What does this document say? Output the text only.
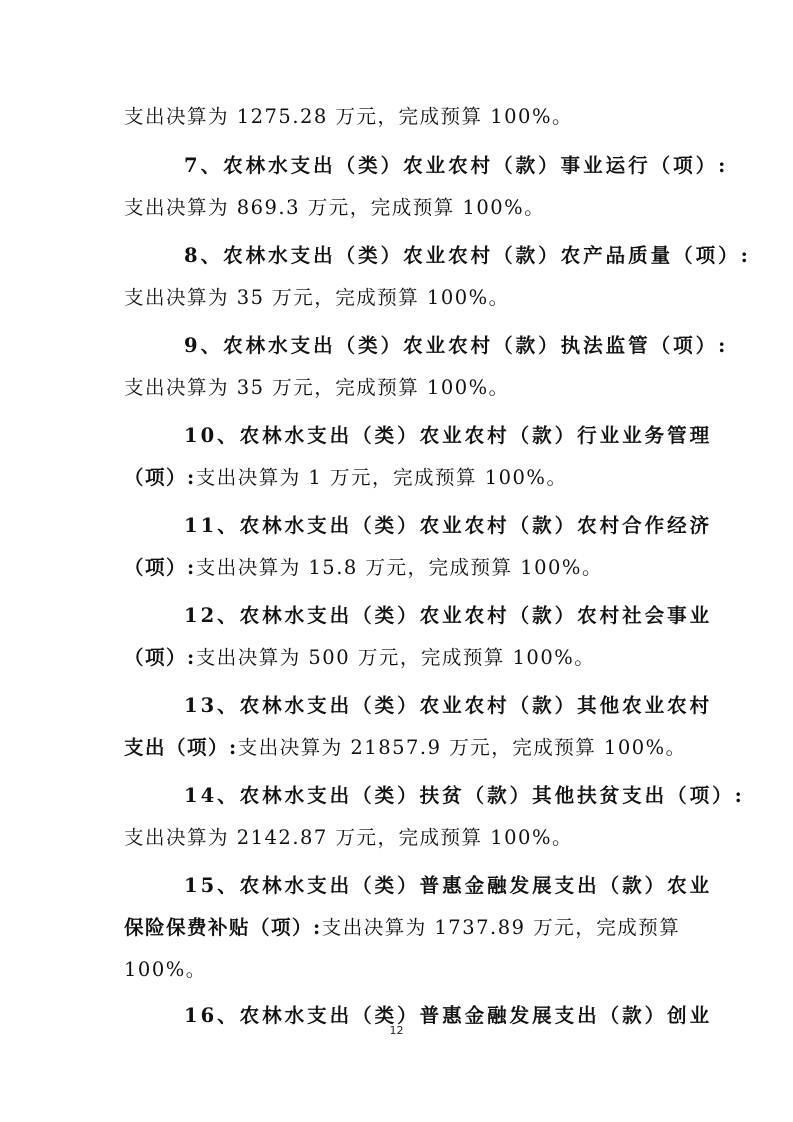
支出决算为 1275.28 万元，完成预算 100%。
7、农林水支出（类）农业农村（款）事业运行（项）:
支出决算为 869.3 万元，完成预算 100%。
8、农林水支出（类）农业农村（款）农产品质量（项）:
支出决算为 35 万元，完成预算 100%。
9、农林水支出（类）农业农村（款）执法监管（项）:
支出决算为 35 万元，完成预算 100%。
10、农林水支出（类）农业农村（款）行业业务管理
（项）:支出决算为 1 万元，完成预算 100%。
11、农林水支出（类）农业农村（款）农村合作经济
（项）:支出决算为 15.8 万元，完成预算 100%。
12、农林水支出（类）农业农村（款）农村社会事业
（项）:支出决算为 500 万元，完成预算 100%。
13、农林水支出（类）农业农村（款）其他农业农村
支出（项）:支出决算为 21857.9 万元，完成预算 100%。
14、农林水支出（类）扶贫（款）其他扶贫支出（项）:
支出决算为 2142.87 万元，完成预算 100%。
15、农林水支出（类）普惠金融发展支出（款）农业
保险保费补贴（项）:支出决算为 1737.89 万元，完成预算
100%。
16、农林水支出（类）普惠金融发展支出（款）创业
12
